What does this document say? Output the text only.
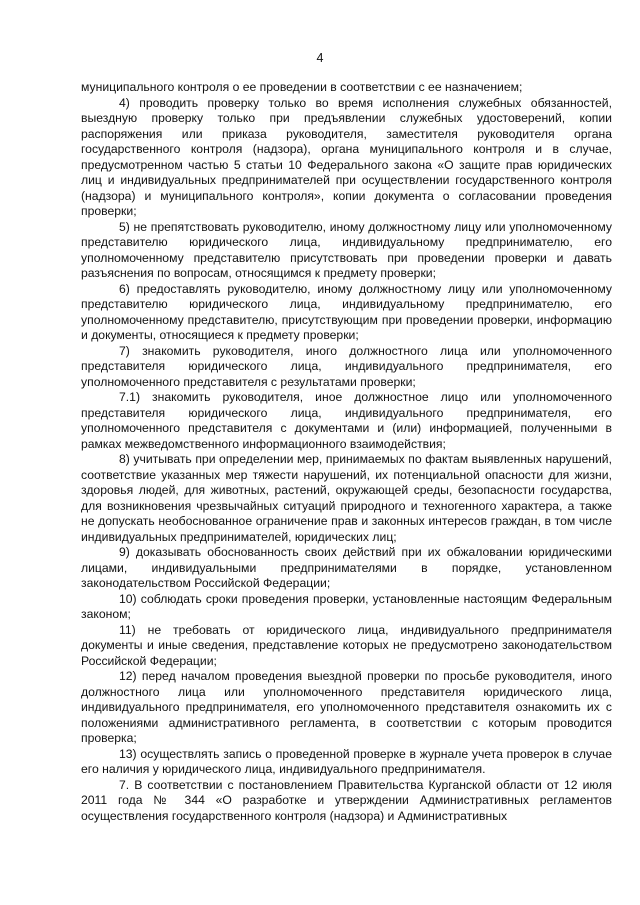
4

муниципального контроля о ее проведении в соответствии с ее назначением;

4) проводить проверку только во время исполнения служебных обязанностей, выездную проверку только при предъявлении служебных удостоверений, копии распоряжения или приказа руководителя, заместителя руководителя органа государственного контроля (надзора), органа муниципального контроля и в случае, предусмотренном частью 5 статьи 10 Федерального закона «О защите прав юридических лиц и индивидуальных предпринимателей при осуществлении государственного контроля (надзора) и муниципального контроля», копии документа о согласовании проведения проверки;

5) не препятствовать руководителю, иному должностному лицу или уполномоченному представителю юридического лица, индивидуальному предпринимателю, его уполномоченному представителю присутствовать при проведении проверки и давать разъяснения по вопросам, относящимся к предмету проверки;

6) предоставлять руководителю, иному должностному лицу или уполномоченному представителю юридического лица, индивидуальному предпринимателю, его уполномоченному представителю, присутствующим при проведении проверки, информацию и документы, относящиеся к предмету проверки;

7) знакомить руководителя, иного должностного лица или уполномоченного представителя юридического лица, индивидуального предпринимателя, его уполномоченного представителя с результатами проверки;

7.1) знакомить руководителя, иное должностное лицо или уполномоченного представителя юридического лица, индивидуального предпринимателя, его уполномоченного представителя с документами и (или) информацией, полученными в рамках межведомственного информационного взаимодействия;

8) учитывать при определении мер, принимаемых по фактам выявленных нарушений, соответствие указанных мер тяжести нарушений, их потенциальной опасности для жизни, здоровья людей, для животных, растений, окружающей среды, безопасности государства, для возникновения чрезвычайных ситуаций природного и техногенного характера, а также не допускать необоснованное ограничение прав и законных интересов граждан, в том числе индивидуальных предпринимателей, юридических лиц;

9) доказывать обоснованность своих действий при их обжаловании юридическими лицами, индивидуальными предпринимателями в порядке, установленном законодательством Российской Федерации;

10) соблюдать сроки проведения проверки, установленные настоящим Федеральным законом;

11) не требовать от юридического лица, индивидуального предпринимателя документы и иные сведения, представление которых не предусмотрено законодательством Российской Федерации;

12) перед началом проведения выездной проверки по просьбе руководителя, иного должностного лица или уполномоченного представителя юридического лица, индивидуального предпринимателя, его уполномоченного представителя ознакомить их с положениями административного регламента, в соответствии с которым проводится проверка;

13) осуществлять запись о проведенной проверке в журнале учета проверок в случае его наличия у юридического лица, индивидуального предпринимателя.

7. В соответствии с постановлением Правительства Курганской области от 12 июля 2011 года № 344 «О разработке и утверждении Административных регламентов осуществления государственного контроля (надзора) и Административных
